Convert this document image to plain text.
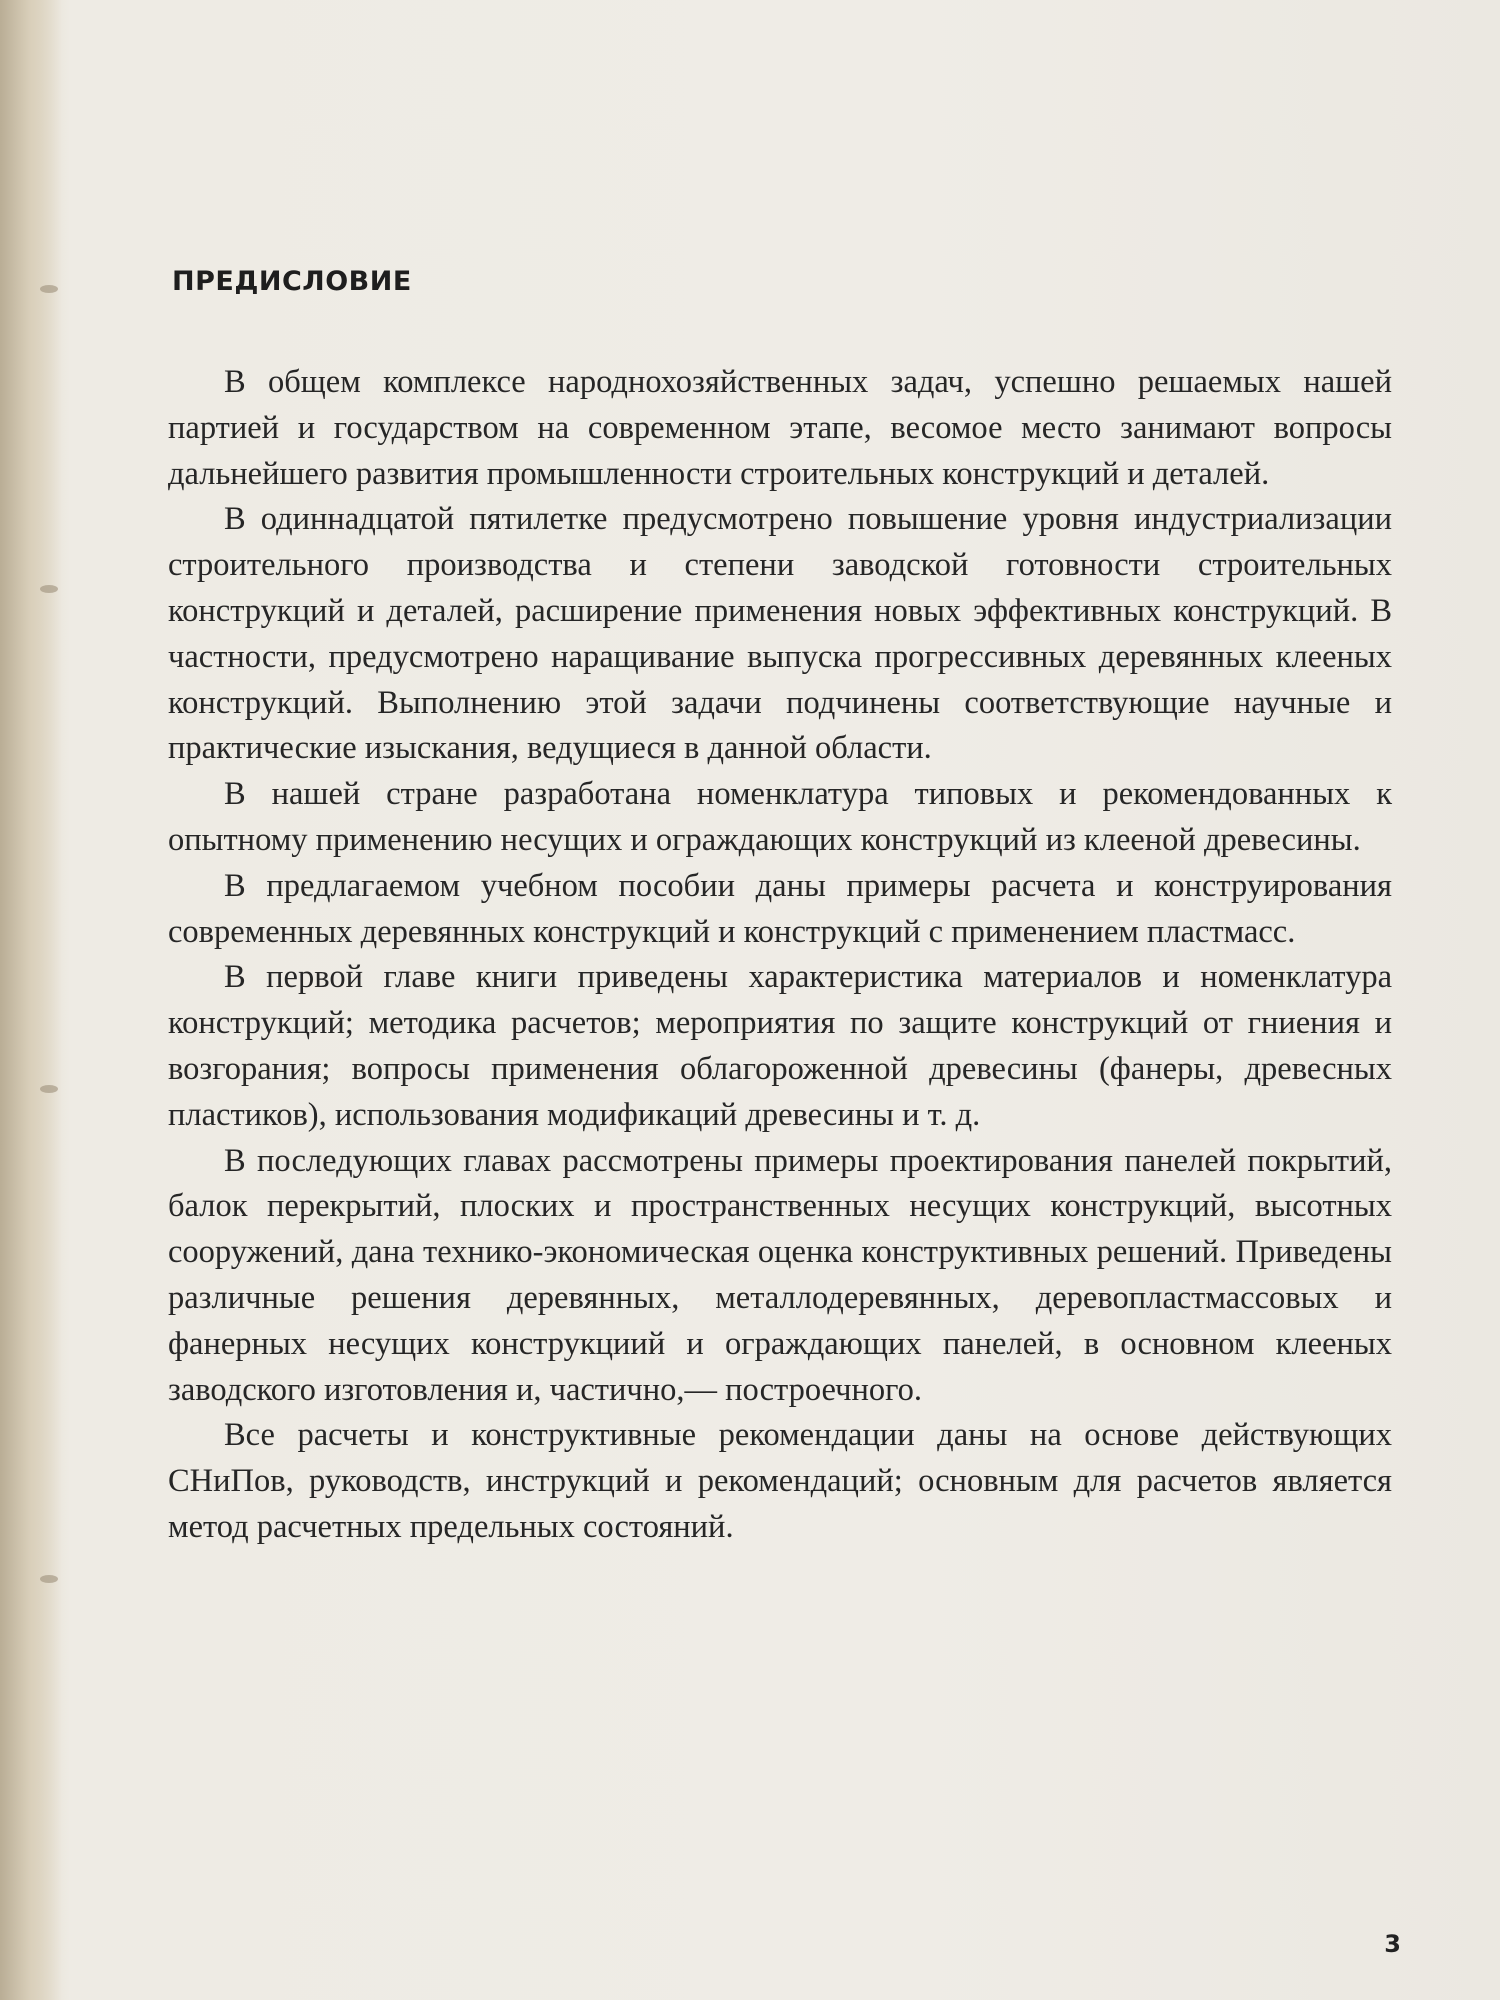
ПРЕДИСЛОВИЕ

В общем комплексе народнохозяйственных задач, успешно решаемых нашей партией и государством на современном этапе, весомое место занимают вопросы дальнейшего развития промышленности строительных конструкций и деталей.

В одиннадцатой пятилетке предусмотрено повышение уровня индустриализации строительного производства и степени заводской готовности строительных конструкций и деталей, расширение применения новых эффективных конструкций. В частности, предусмотрено наращивание выпуска прогрессивных деревянных клееных конструкций. Выполнению этой задачи подчинены соответствующие научные и практические изыскания, ведущиеся в данной области.

В нашей стране разработана номенклатура типовых и рекомендованных к опытному применению несущих и ограждающих конструкций из клееной древесины.

В предлагаемом учебном пособии даны примеры расчета и конструирования современных деревянных конструкций и конструкций с применением пластмасс.

В первой главе книги приведены характеристика материалов и номенклатура конструкций; методика расчетов; мероприятия по защите конструкций от гниения и возгорания; вопросы применения облагороженной древесины (фанеры, древесных пластиков), использования модификаций древесины и т. д.

В последующих главах рассмотрены примеры проектирования панелей покрытий, балок перекрытий, плоских и пространственных несущих конструкций, высотных сооружений, дана технико-экономическая оценка конструктивных решений. Приведены различные решения деревянных, металлодеревянных, деревопластмассовых и фанерных несущих конструкциий и ограждающих панелей, в основном клееных заводского изготовления и, частично,— построечного.

Все расчеты и конструктивные рекомендации даны на основе действующих СНиПов, руководств, инструкций и рекомендаций; основным для расчетов является метод расчетных предельных состояний.

3
